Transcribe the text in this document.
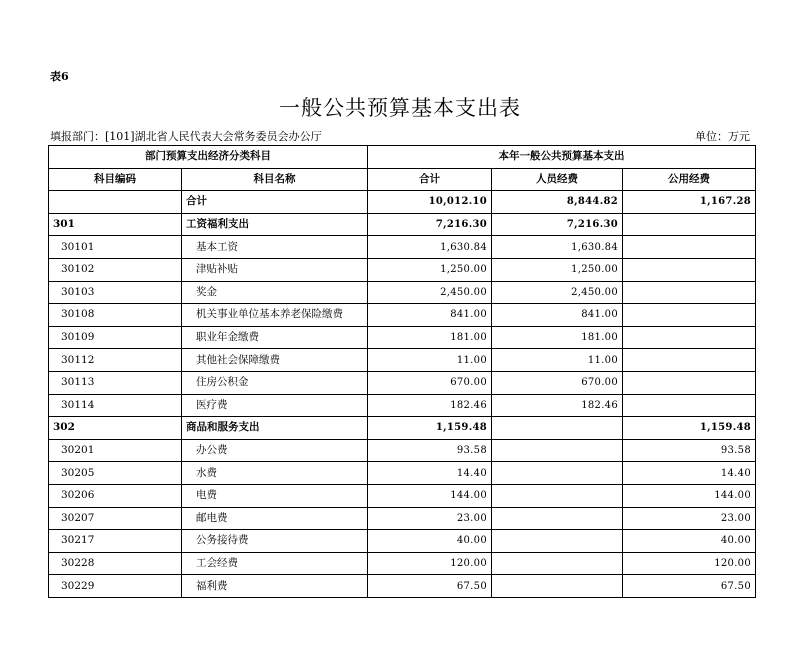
表6
一般公共预算基本支出表
填报部门：[101]湖北省人民代表大会常务委员会办公厅	单位：万元
部门预算支出经济分类科目		本年一般公共预算基本支出		
科目编码	科目名称	合计	人员经费	公用经费
	合计	10,012.10	8,844.82	1,167.28
301	工资福利支出	7,216.30	7,216.30	
30101	基本工资	1,630.84	1,630.84	
30102	津贴补贴	1,250.00	1,250.00	
30103	奖金	2,450.00	2,450.00	
30108	机关事业单位基本养老保险缴费	841.00	841.00	
30109	职业年金缴费	181.00	181.00	
30112	其他社会保障缴费	11.00	11.00	
30113	住房公积金	670.00	670.00	
30114	医疗费	182.46	182.46	
302	商品和服务支出	1,159.48		1,159.48
30201	办公费	93.58		93.58
30205	水费	14.40		14.40
30206	电费	144.00		144.00
30207	邮电费	23.00		23.00
30217	公务接待费	40.00		40.00
30228	工会经费	120.00		120.00
30229	福利费	67.50		67.50
